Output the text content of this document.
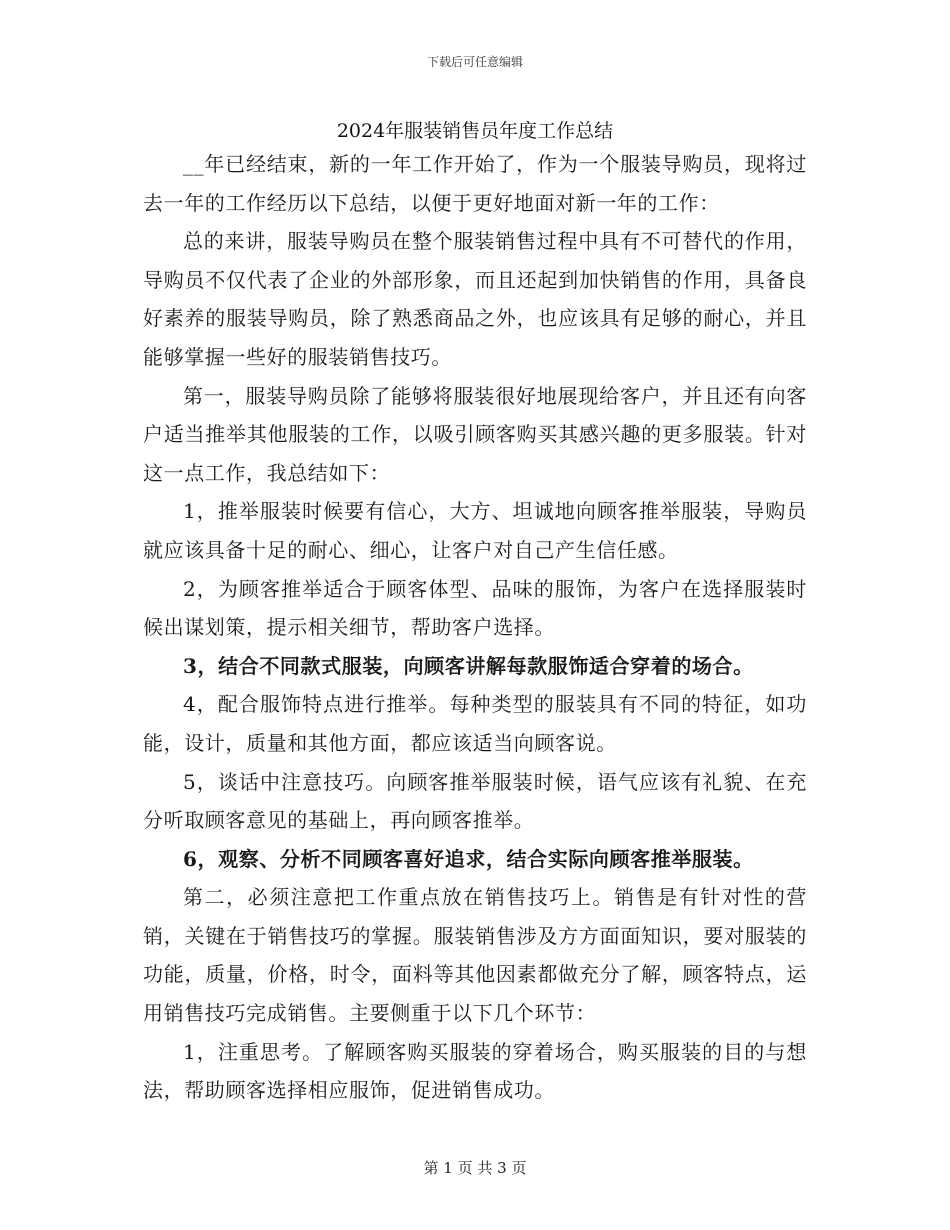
下载后可任意编辑
2024年服装销售员年度工作总结

__年已经结束，新的一年工作开始了，作为一个服装导购员，现将过去一年的工作经历以下总结，以便于更好地面对新一年的工作：

总的来讲，服装导购员在整个服装销售过程中具有不可替代的作用，导购员不仅代表了企业的外部形象，而且还起到加快销售的作用，具备良好素养的服装导购员，除了熟悉商品之外，也应该具有足够的耐心，并且能够掌握一些好的服装销售技巧。

第一，服装导购员除了能够将服装很好地展现给客户，并且还有向客户适当推举其他服装的工作，以吸引顾客购买其感兴趣的更多服装。针对这一点工作，我总结如下：

1，推举服装时候要有信心，大方、坦诚地向顾客推举服装，导购员就应该具备十足的耐心、细心，让客户对自己产生信任感。

2，为顾客推举适合于顾客体型、品味的服饰，为客户在选择服装时候出谋划策，提示相关细节，帮助客户选择。

3，结合不同款式服装，向顾客讲解每款服饰适合穿着的场合。

4，配合服饰特点进行推举。每种类型的服装具有不同的特征，如功能，设计，质量和其他方面，都应该适当向顾客说。

5，谈话中注意技巧。向顾客推举服装时候，语气应该有礼貌、在充分听取顾客意见的基础上，再向顾客推举。

6，观察、分析不同顾客喜好追求，结合实际向顾客推举服装。

第二，必须注意把工作重点放在销售技巧上。销售是有针对性的营销，关键在于销售技巧的掌握。服装销售涉及方方面面知识，要对服装的功能，质量，价格，时令，面料等其他因素都做充分了解，顾客特点，运用销售技巧完成销售。主要侧重于以下几个环节：

1，注重思考。了解顾客购买服装的穿着场合，购买服装的目的与想法，帮助顾客选择相应服饰，促进销售成功。

第 1 页 共 3 页
